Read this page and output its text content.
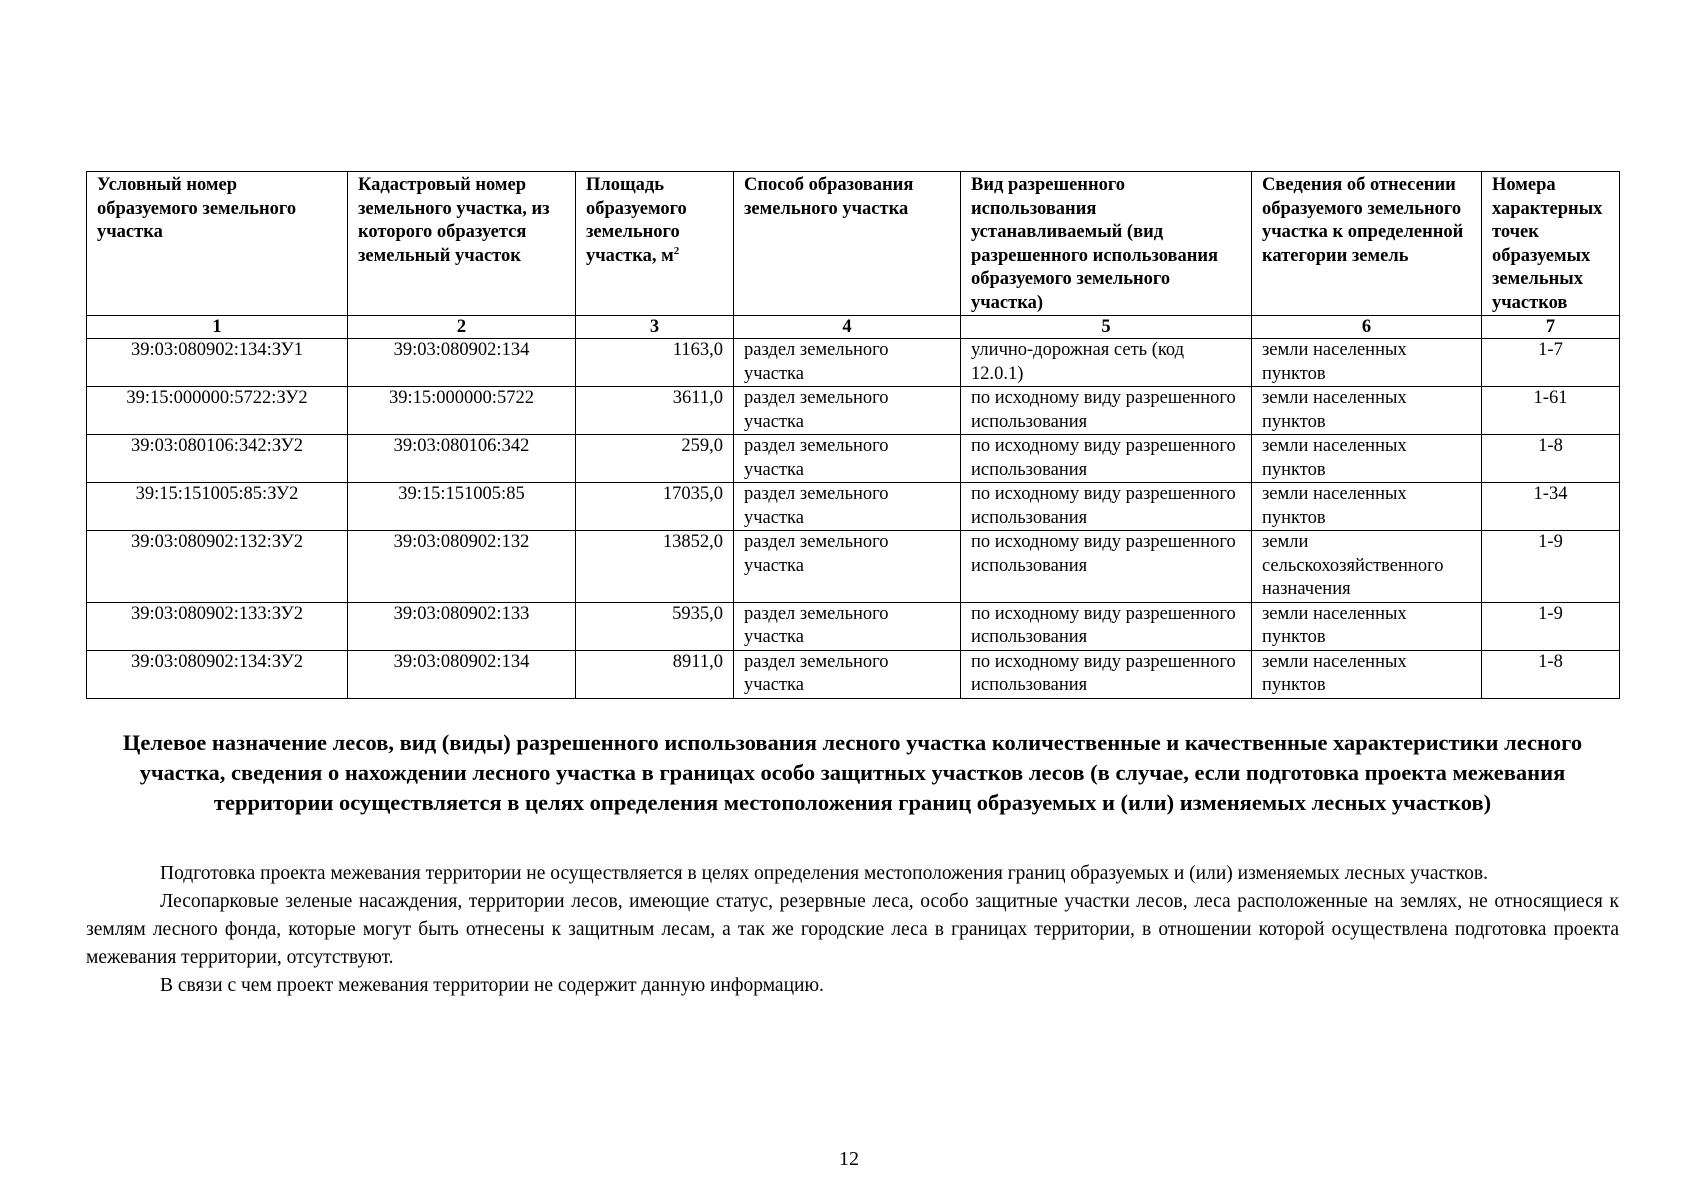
Условный номер образуемого земельного участка	Кадастровый номер земельного участка, из которого образуется земельный участок	Площадь образуемого земельного участка, $м^2$	Способ образования земельного участка	Вид разрешенного использования устанавливаемый (вид разрешенного использования образуемого земельного участка)	Сведения об отнесении образуемого земельного участка к определенной категории земель	Номера характерных точек образуемых земельных участков
1	2	3	4	5	6	7
39:03:080902:134:ЗУ1	39:03:080902:134	1163,0	раздел земельного участка	улично-дорожная сеть (код 12.0.1)	земли населенных пунктов	1-7
39:15:000000:5722:ЗУ2	39:15:000000:5722	3611,0	раздел земельного участка	по исходному виду разрешенного использования	земли населенных пунктов	1-61
39:03:080106:342:ЗУ2	39:03:080106:342	259,0	раздел земельного участка	по исходному виду разрешенного использования	земли населенных пунктов	1-8
39:15:151005:85:ЗУ2	39:15:151005:85	17035,0	раздел земельного участка	по исходному виду разрешенного использования	земли населенных пунктов	1-34
39:03:080902:132:ЗУ2	39:03:080902:132	13852,0	раздел земельного участка	по исходному виду разрешенного использования	земли сельскохозяйственного назначения	1-9
39:03:080902:133:ЗУ2	39:03:080902:133	5935,0	раздел земельного участка	по исходному виду разрешенного использования	земли населенных пунктов	1-9
39:03:080902:134:ЗУ2	39:03:080902:134	8911,0	раздел земельного участка	по исходному виду разрешенного использования	земли населенных пунктов	1-8
Целевое назначение лесов, вид (виды) разрешенного использования лесного участка количественные и качественные характеристики лесного участка, сведения о нахождении лесного участка в границах особо защитных участков лесов (в случае, если подготовка проекта межевания территории осуществляется в целях определения местоположения границ образуемых и (или) изменяемых лесных участков)

Подготовка проекта межевания территории не осуществляется в целях определения местоположения границ образуемых и (или) изменяемых лесных участков.

Лесопарковые зеленые насаждения, территории лесов, имеющие статус, резервные леса, особо защитные участки лесов, леса расположенные на землях, не относящиеся к землям лесного фонда, которые могут быть отнесены к защитным лесам, а так же городские леса в границах территории, в отношении которой осуществлена подготовка проекта межевания территории, отсутствуют.

В связи с чем проект межевания территории не содержит данную информацию.

12
